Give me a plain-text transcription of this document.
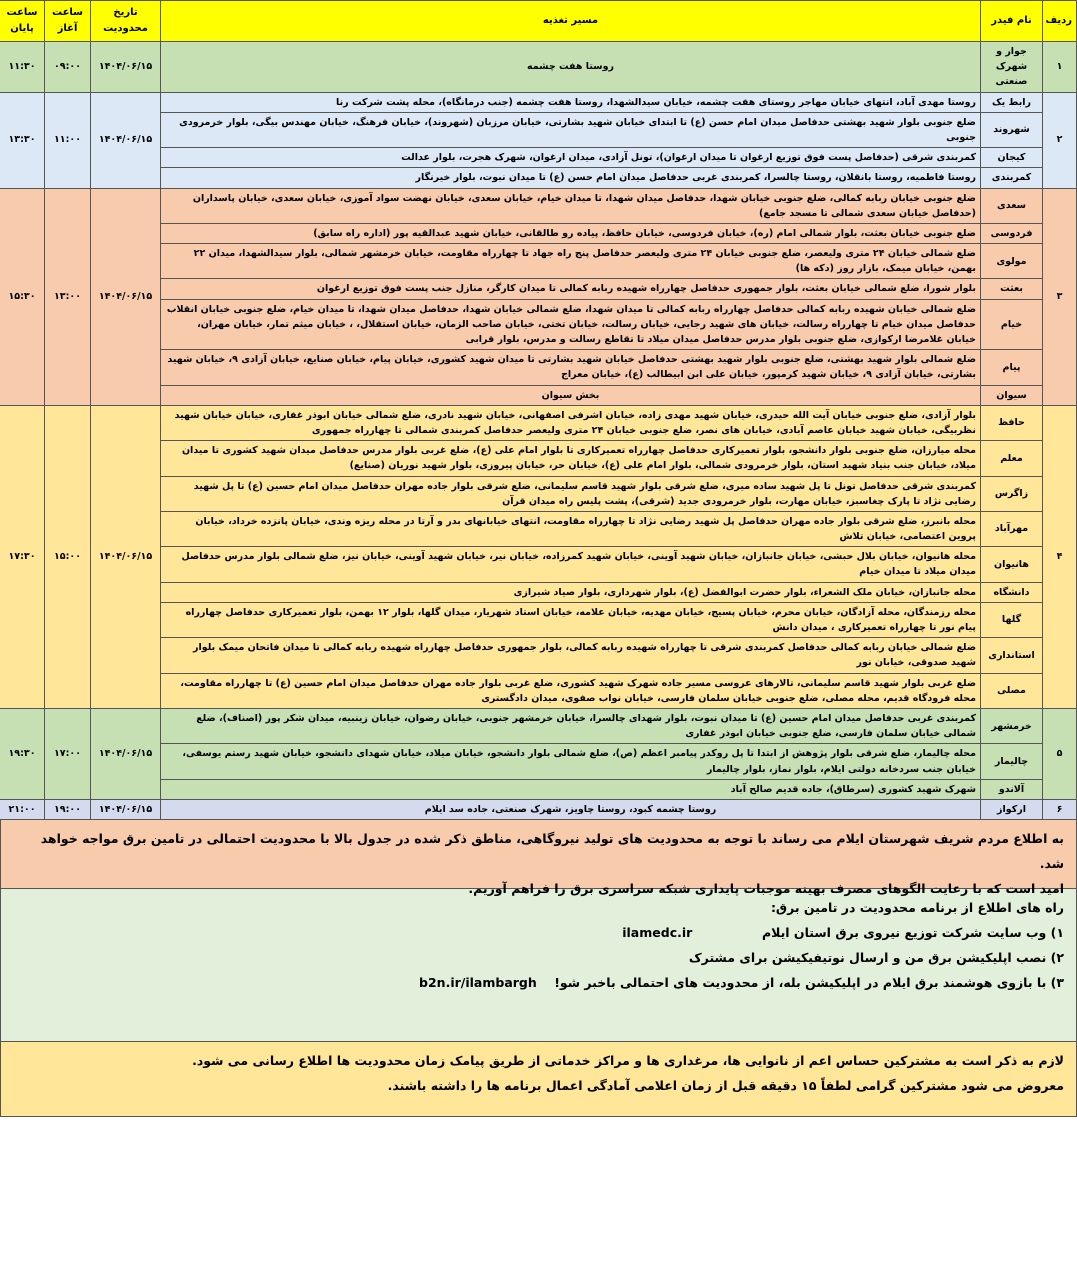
ردیف	نام فیدر	مسیر تغذیه	تاریخ محدودیت	ساعت آغاز	ساعت پایان
۱	جوار و شهرک صنعتی	روستا هفت چشمه	۱۴۰۴/۰۶/۱۵	۰۹:۰۰	۱۱:۳۰
۲	رابط یک	روستا مهدی آباد، انتهای خیابان مهاجر روستای هفت چشمه، خیابان سیدالشهدا، روستا هفت چشمه (جنب درمانگاه)، محله پشت شرکت رنا	۱۴۰۴/۰۶/۱۵	۱۱:۰۰	۱۳:۳۰
	شهروند	ضلع جنوبی بلوار شهید بهشتی حدفاصل میدان امام حسن (ع) تا ابتدای خیابان شهید بشارتی، خیابان مرزبان (شهروند)، خیابان فرهنگ، خیابان مهندس بیگی، بلوار خرمرودی جنوبی			
	کیجان	کمربندی شرقی (حدفاصل پست فوق توزیع ارغوان تا میدان ارغوان)، تونل آزادی، میدان ارغوان، شهرک هجرت، بلوار عدالت			
	کمربندی	روستا فاطمیه، روستا بانقلان، روستا چالسرا، کمربندی غربی حدفاصل میدان امام حسن (ع) تا میدان نبوت، بلوار خیرنگار			
۳	سعدی	ضلع جنوبی خیابان ربابه کمالی، ضلع جنوبی خیابان شهدا، حدفاصل میدان شهدا، تا میدان خیام، خیابان سعدی، خیابان نهضت سواد آموزی، خیابان سعدی، خیابان پاسداران (حدفاصل خیابان سعدی شمالی تا مسجد جامع)	۱۴۰۴/۰۶/۱۵	۱۳:۰۰	۱۵:۳۰
	فردوسی	ضلع جنوبی خیابان بعثت، بلوار شمالی امام (ره)، خیابان فردوسی، خیابان حافظ، پیاده رو طالقانی، خیابان شهید عبدالقیه پور (اداره راه سابق)			
	مولوی	ضلع شمالی خیابان ۲۴ متری ولیعصر، ضلع جنوبی خیابان ۲۴ متری ولیعصر حدفاصل پنج راه جهاد تا چهارراه مقاومت، خیابان خرمشهر شمالی، بلوار سیدالشهدا، میدان ۲۲ بهمن، خیابان میمک، بازار روز (دکه ها)			
	بعثت	بلوار شورا، ضلع شمالی خیابان بعثت، بلوار جمهوری حدفاصل چهارراه شهیده ربابه کمالی تا میدان کارگر، منازل جنب پست فوق توزیع ارغوان			
	خیام	ضلع شمالی خیابان شهیده ربابه کمالی حدفاصل چهارراه ربابه کمالی تا میدان شهدا، ضلع شمالی خیابان شهدا، حدفاصل میدان شهدا، تا میدان خیام، ضلع جنوبی خیابان انقلاب حدفاصل میدان خیام تا چهارراه رسالت، خیابان های شهید رجایی، خیابان رسالت، خیابان تختی، خیابان صاحب الزمان، خیابان استقلال، ، خیابان میثم تمار، خیابان مهران، خیابان غلامرضا ارکوازی، ضلع جنوبی بلوار مدرس حدفاصل میدان میلاد تا تقاطع رسالت و مدرس، بلوار قرابی			
	پیام	ضلع شمالی بلوار شهید بهشتی، ضلع جنوبی بلوار شهید بهشتی حدفاصل خیابان شهید بشارتی تا میدان شهید کشوری، خیابان پیام، خیابان صنایع، خیابان آزادی ۹، خیابان شهید بشارتی، خیابان آزادی ۹، خیابان شهید کرمپور، خیابان علی ابن ابیطالب (ع)، خیابان معراج			
	سیوان	بخش سیوان			
۴	حافظ	بلوار آزادی، ضلع جنوبی خیابان آیت الله حیدری، خیابان شهید مهدی زاده، خیابان اشرفی اصفهانی، خیابان شهید نادری، ضلع شمالی خیابان ابوذر غفاری، خیابان خیابان شهید نظربیگی، خیابان شهید خیابان عاصم آبادی، خیابان های نصر، ضلع جنوبی خیابان ۲۴ متری ولیعصر حدفاصل کمربندی شمالی تا چهارراه جمهوری	۱۴۰۴/۰۶/۱۵	۱۵:۰۰	۱۷:۳۰
	معلم	محله میارزان، ضلع جنوبی بلوار دانشجو، بلوار تعمیرکاری حدفاصل چهارراه تعمیرکاری تا بلوار امام علی (ع)، ضلع غربی بلوار مدرس حدفاصل میدان شهید کشوری تا میدان میلاد، خیابان جنب بنیاد شهید استان، بلوار خرمرودی شمالی، بلوار امام علی (ع)، خیابان حر، خیابان پیروزی، بلوار شهید نوریان (صنایع)			
	زاگرس	کمربندی شرقی حدفاصل تونل تا پل شهید ساده میری، ضلع شرقی بلوار شهید قاسم سلیمانی، ضلع شرقی بلوار جاده مهران حدفاصل میدان امام حسین (ع) تا پل شهید رضایی نژاد تا پارک چغاسبز، خیابان مهارت، بلوار خرمرودی جدید (شرقی)، پشت پلیس راه میدان قرآن			
	مهرآباد	محله بانبرز، ضلع شرقی بلوار جاده مهران حدفاصل پل شهید رضایی نژاد تا چهارراه مقاومت، انتهای خیابانهای بدر و آرتا در محله ریزه وندی، خیابان پانزده خرداد، خیابان پروین اعتصامی، خیابان تلاش			
	هانیوان	محله هانیوان، خیابان بلال حبشی، خیابان جانبازان، خیابان شهید آوینی، خیابان شهید کمرزاده، خیابان نیر، خیابان شهید آوینی، خیابان نیز، ضلع شمالی بلوار مدرس حدفاصل میدان میلاد تا میدان خیام			
	دانشگاه	محله جانبازان، خیابان ملک الشعراء، بلوار حضرت ابوالفضل (ع)، بلوار شهرداری، بلوار صیاد شیرازی			
	گلها	محله رزمندگان، محله آزادگان، خیابان محرم، خیابان پسیج، خیابان مهدیه، خیابان علامه، خیابان استاد شهریار، میدان گلها، بلوار ۱۲ بهمن، بلوار تعمیرکاری حدفاصل چهارراه پیام نور تا چهارراه تعمیرکاری ، میدان دانش			
	استانداری	ضلع شمالی خیابان ربابه کمالی حدفاصل کمربندی شرقی تا چهارراه شهیده ربابه کمالی، بلوار جمهوری حدفاصل چهارراه شهیده ربابه کمالی تا میدان فاتحان میمک بلوار شهید صدوقی، خیابان نور			
	مصلی	ضلع غربی بلوار شهید قاسم سلیمانی، تالارهای عروسی مسیر جاده شهرک شهید کشوری، ضلع غربی بلوار جاده مهران حدفاصل میدان امام حسین (ع) تا چهارراه مقاومت، محله فرودگاه قدیم، محله مصلی، ضلع جنوبی خیابان سلمان فارسی، خیابان نواب صفوی، میدان دادگستری			
۵	خرمشهر	کمربندی غربی حدفاصل میدان امام حسین (ع) تا میدان نبوت، بلوار شهدای چالسرا، خیابان خرمشهر جنوبی، خیابان رضوان، خیابان زینبیه، میدان شکر پور (اصناف)، ضلع شمالی خیابان سلمان فارسی، ضلع جنوبی خیابان ابوذر غفاری	۱۴۰۴/۰۶/۱۵	۱۷:۰۰	۱۹:۳۰
	چالیمار	محله چالیمار، ضلع شرقی بلوار پژوهش از ابتدا تا پل روکدر پیامبر اعظم (ص)، ضلع شمالی بلوار دانشجو، خیابان میلاد، خیابان شهدای دانشجو، خیابان شهید رستم یوسفی، خیابان جنب سردخانه دولتی ایلام، بلوار نماز، بلوار چالیمار			
	آلاندو	شهرک شهید کشوری (سرطاق)، جاده قدیم صالح آباد			
۶	ارکواز	روستا چشمه کبود، روستا چاویز، شهرک صنعتی، جاده سد ایلام	۱۴۰۴/۰۶/۱۵	۱۹:۰۰	۲۱:۰۰
به اطلاع مردم شریف شهرستان ایلام می رساند با توجه به محدودیت های تولید نیروگاهی، مناطق ذکر شده در جدول بالا با محدودیت احتمالی در تامین برق مواجه خواهد شد.
امید است که با رعایت الگوهای مصرف بهینه موجبات پایداری شبکه سراسری برق را فراهم آوریم.
راه های اطلاع از برنامه محدودیت در تامین برق:
۱) وب سایت شرکت توزیع نیروی برق استان ایلام                ilamedc.ir
۲) نصب اپلیکیشن برق من و ارسال نوتیفیکیشن برای مشترک
۳) با بازوی هوشمند برق ایلام در اپلیکیشن بله، از محدودیت های احتمالی باخبر شو!    b2n.ir/ilambargh
لازم به ذکر است به مشترکین حساس اعم از نانوایی ها، مرغداری ها و مراکز خدماتی از طریق پیامک زمان محدودیت ها اطلاع رسانی می شود.
معروض می شود مشترکین گرامی لطفاً ۱۵ دقیقه قبل از زمان اعلامی آمادگی اعمال برنامه ها را داشته باشند.
